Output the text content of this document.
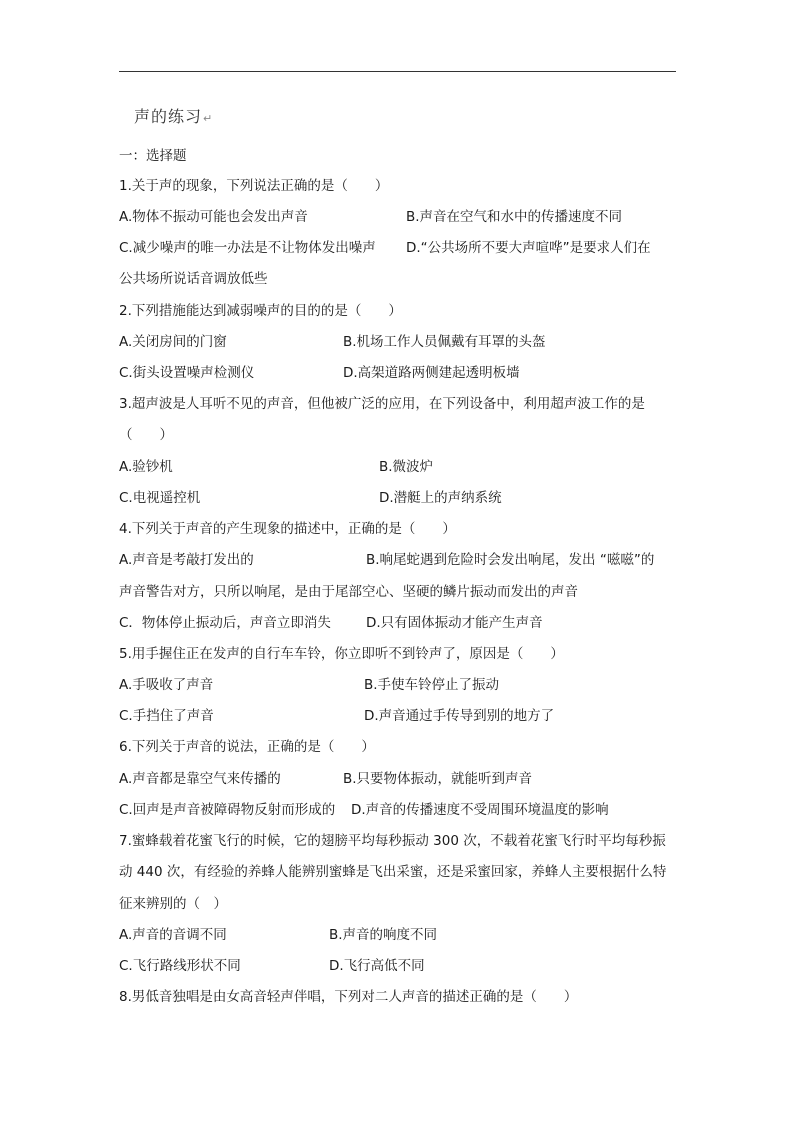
声的练习↵
一：选择题
1.关于声的现象，下列说法正确的是（　　）
A.物体不振动可能也会发出声音	B.声音在空气和水中的传播速度不同
C.减少噪声的唯一办法是不让物体发出噪声 D.“公共场所不要大声喧哗”是要求人们在
公共场所说话音调放低些
2.下列措施能达到减弱噪声的目的的是（　　）
A.关闭房间的门窗	B.机场工作人员佩戴有耳罩的头盔
C.街头设置噪声检测仪	D.高架道路两侧建起透明板墙
3.超声波是人耳听不见的声音，但他被广泛的应用，在下列设备中，利用超声波工作的是
（　　）
A.验钞机	B.微波炉
C.电视遥控机	D.潜艇上的声纳系统
4.下列关于声音的产生现象的描述中，正确的是（　　）
A.声音是考敲打发出的	B.响尾蛇遇到危险时会发出响尾，发出 “嗞嗞”的
声音警告对方，只所以响尾，是由于尾部空心、坚硬的鳞片振动而发出的声音
C．物体停止振动后，声音立即消失	D.只有固体振动才能产生声音
5.用手握住正在发声的自行车车铃，你立即听不到铃声了，原因是（　　）
A.手吸收了声音	B.手使车铃停止了振动
C.手挡住了声音	D.声音通过手传导到别的地方了
6.下列关于声音的说法，正确的是（　　）
A.声音都是靠空气来传播的	B.只要物体振动，就能听到声音
C.回声是声音被障碍物反射而形成的 D.声音的传播速度不受周围环境温度的影响
7.蜜蜂载着花蜜飞行的时候，它的翅膀平均每秒振动 300 次，不载着花蜜飞行时平均每秒振
动 440 次，有经验的养蜂人能辨别蜜蜂是飞出采蜜，还是采蜜回家，养蜂人主要根据什么特
征来辨别的（　）
A.声音的音调不同	B.声音的响度不同
C.飞行路线形状不同	D.飞行高低不同
8.男低音独唱是由女高音轻声伴唱，下列对二人声音的描述正确的是（　　）
